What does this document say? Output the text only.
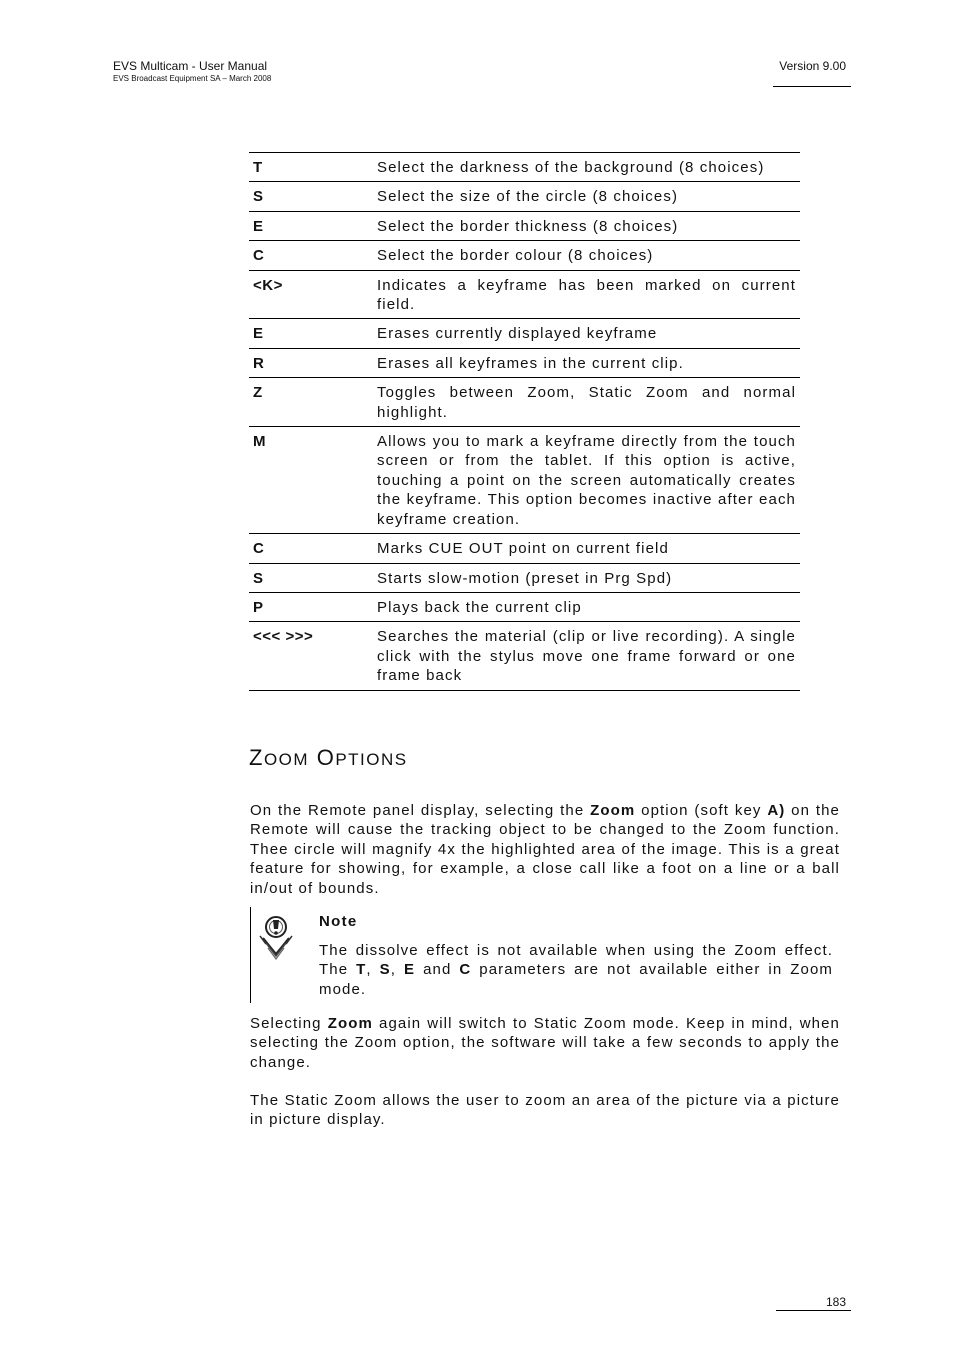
EVS Multicam - User Manual
EVS Broadcast Equipment SA – March 2008
Version 9.00
T	Select the darkness of the background (8 choices)
S	Select the size of the circle (8 choices)
E	Select the border thickness (8 choices)
C	Select the border colour (8 choices)
<K>	Indicates a keyframe has been marked on current field.
E	Erases currently displayed keyframe
R	Erases all keyframes in the current clip.
Z	Toggles between Zoom, Static Zoom and normal highlight.
M	Allows you to mark a keyframe directly from the touch screen or from the tablet. If this option is active, touching a point on the screen automatically creates the keyframe. This option becomes inactive after each keyframe creation.
C	Marks CUE OUT point on current field
S	Starts slow-motion (preset in Prg Spd)
P	Plays back the current clip
<<< >>>	Searches the material (clip or live recording). A single click with the stylus move one frame forward or one frame back
ZOOM OPTIONS
On the Remote panel display, selecting the Zoom option (soft key A) on the Remote will cause the tracking object to be changed to the Zoom function. Thee circle will magnify 4x the highlighted area of the image. This is a great feature for showing, for example, a close call like a foot on a line or a ball in/out of bounds.
Note
The dissolve effect is not available when using the Zoom effect. The T, S, E and C parameters are not available either in Zoom mode.
Selecting Zoom again will switch to Static Zoom mode. Keep in mind, when selecting the Zoom option, the software will take a few seconds to apply the change.
The Static Zoom allows the user to zoom an area of the picture via a picture in picture display.
183
